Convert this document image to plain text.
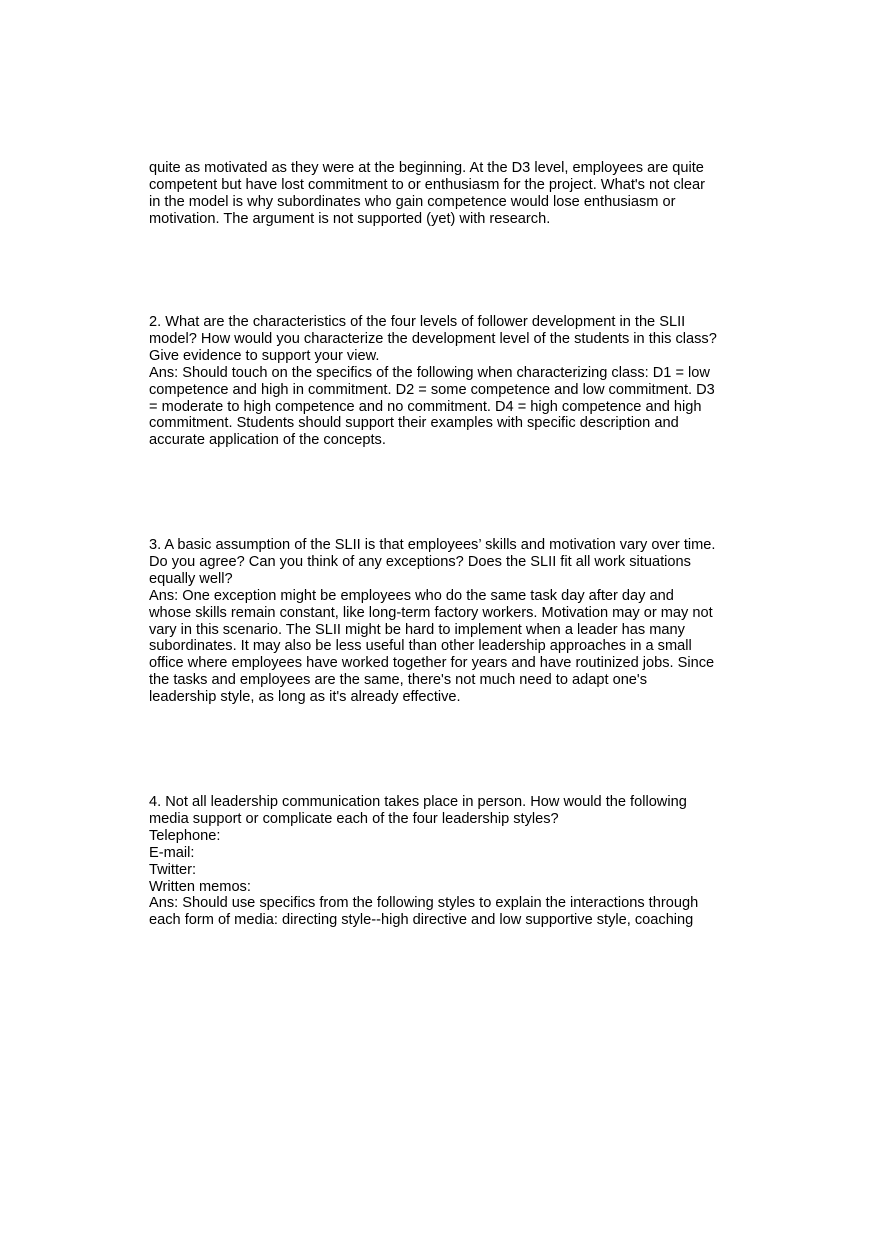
quite as motivated as they were at the beginning. At the D3 level, employees are quite
competent but have lost commitment to or enthusiasm for the project. What's not clear
in the model is why subordinates who gain competence would lose enthusiasm or
motivation. The argument is not supported (yet) with research.
2. What are the characteristics of the four levels of follower development in the SLII
model? How would you characterize the development level of the students in this class?
Give evidence to support your view.
Ans: Should touch on the specifics of the following when characterizing class: D1 = low
competence and high in commitment. D2 = some competence and low commitment. D3
= moderate to high competence and no commitment. D4 = high competence and high
commitment. Students should support their examples with specific description and
accurate application of the concepts.
3. A basic assumption of the SLII is that employees’ skills and motivation vary over time.
Do you agree? Can you think of any exceptions? Does the SLII fit all work situations
equally well?
Ans: One exception might be employees who do the same task day after day and
whose skills remain constant, like long-term factory workers. Motivation may or may not
vary in this scenario. The SLII might be hard to implement when a leader has many
subordinates. It may also be less useful than other leadership approaches in a small
office where employees have worked together for years and have routinized jobs. Since
the tasks and employees are the same, there's not much need to adapt one's
leadership style, as long as it's already effective.
4. Not all leadership communication takes place in person. How would the following
media support or complicate each of the four leadership styles?
Telephone:
E-mail:
Twitter:
Written memos:
Ans: Should use specifics from the following styles to explain the interactions through
each form of media: directing style--high directive and low supportive style, coaching
